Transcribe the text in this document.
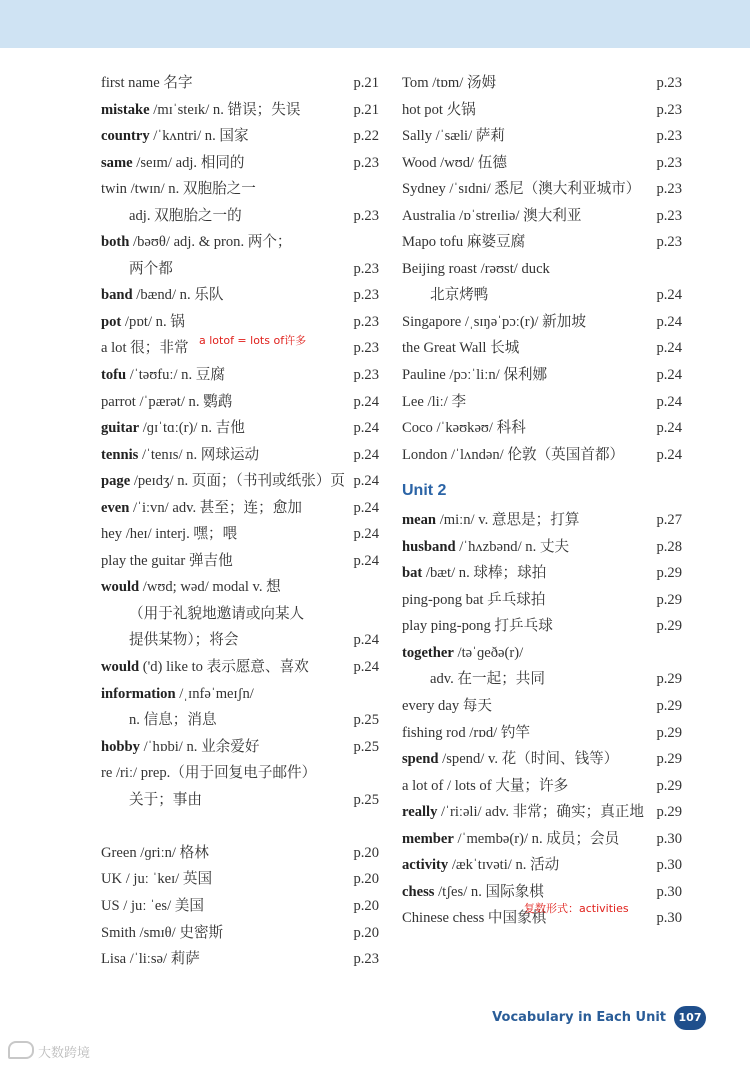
first name 名字	p.21
mistake /mɪˈsteɪk/ n. 错误；失误	p.21
country /ˈkʌntri/ n. 国家	p.22
same /seɪm/ adj. 相同的	p.23
twin /twɪn/ n. 双胞胎之一
adj. 双胞胎之一的	p.23
both /bəʊθ/ adj. & pron. 两个；
两个都	p.23
band /bænd/ n. 乐队	p.23
pot /pɒt/ n. 锅	p.23
a lot 很；非常	p.23
tofu /ˈtəʊfuː/ n. 豆腐	p.23
parrot /ˈpærət/ n. 鹦鹉	p.24
guitar /ɡɪˈtɑː(r)/ n. 吉他	p.24
tennis /ˈtenɪs/ n. 网球运动	p.24
page /peɪdʒ/ n. 页面；（书刊或纸张）页 p.24
even /ˈiːvn/ adv. 甚至；连；愈加	p.24
hey /heɪ/ interj. 嘿；喂	p.24
play the guitar 弹吉他	p.24
would /wʊd; wəd/ modal v. 想
（用于礼貌地邀请或向某人
提供某物）；将会	p.24
would ('d) like to 表示愿意、喜欢	p.24
information /ˌɪnfəˈmeɪʃn/
n. 信息；消息	p.25
hobby /ˈhɒbi/ n. 业余爱好	p.25
re /riː/ prep.（用于回复电子邮件）
关于；事由	p.25
Green /ɡriːn/ 格林	p.20
UK / juː ˈkeɪ/ 英国	p.20
US / juː ˈes/ 美国	p.20
Smith /smɪθ/ 史密斯	p.20
Lisa /ˈliːsə/ 莉萨	p.23
Tom /tɒm/ 汤姆	p.23
hot pot 火锅	p.23
Sally /ˈsæli/ 萨莉	p.23
Wood /wʊd/ 伍德	p.23
Sydney /ˈsɪdni/ 悉尼（澳大利亚城市） p.23
Australia /ɒˈstreɪliə/ 澳大利亚	p.23
Mapo tofu 麻婆豆腐	p.23
Beijing roast /rəʊst/ duck
北京烤鸭	p.24
Singapore /ˌsɪŋəˈpɔː(r)/ 新加坡	p.24
the Great Wall 长城	p.24
Pauline /pɔːˈliːn/ 保利娜	p.24
Lee /liː/ 李	p.24
Coco /ˈkəʊkəʊ/ 科科	p.24
London /ˈlʌndən/ 伦敦（英国首都） p.24
Unit 2
mean /miːn/ v. 意思是；打算	p.27
husband /ˈhʌzbənd/ n. 丈夫	p.28
bat /bæt/ n. 球棒；球拍	p.29
ping-pong bat 乒乓球拍	p.29
play ping-pong 打乒乓球	p.29
together /təˈɡeðə(r)/
adv. 在一起；共同	p.29
every day 每天	p.29
fishing rod /rɒd/ 钓竿	p.29
spend /spend/ v. 花（时间、钱等）	p.29
a lot of / lots of 大量；许多	p.29
really /ˈriːəli/ adv. 非常；确实；真正地 p.29
member /ˈmembə(r)/ n. 成员；会员	p.30
activity /ækˈtɪvəti/ n. 活动	p.30
chess /tʃes/ n. 国际象棋	p.30
Chinese chess 中国象棋	p.30
a lotof = lots of许多
复数形式：activities
Vocabulary in Each Unit	107
大数跨境
